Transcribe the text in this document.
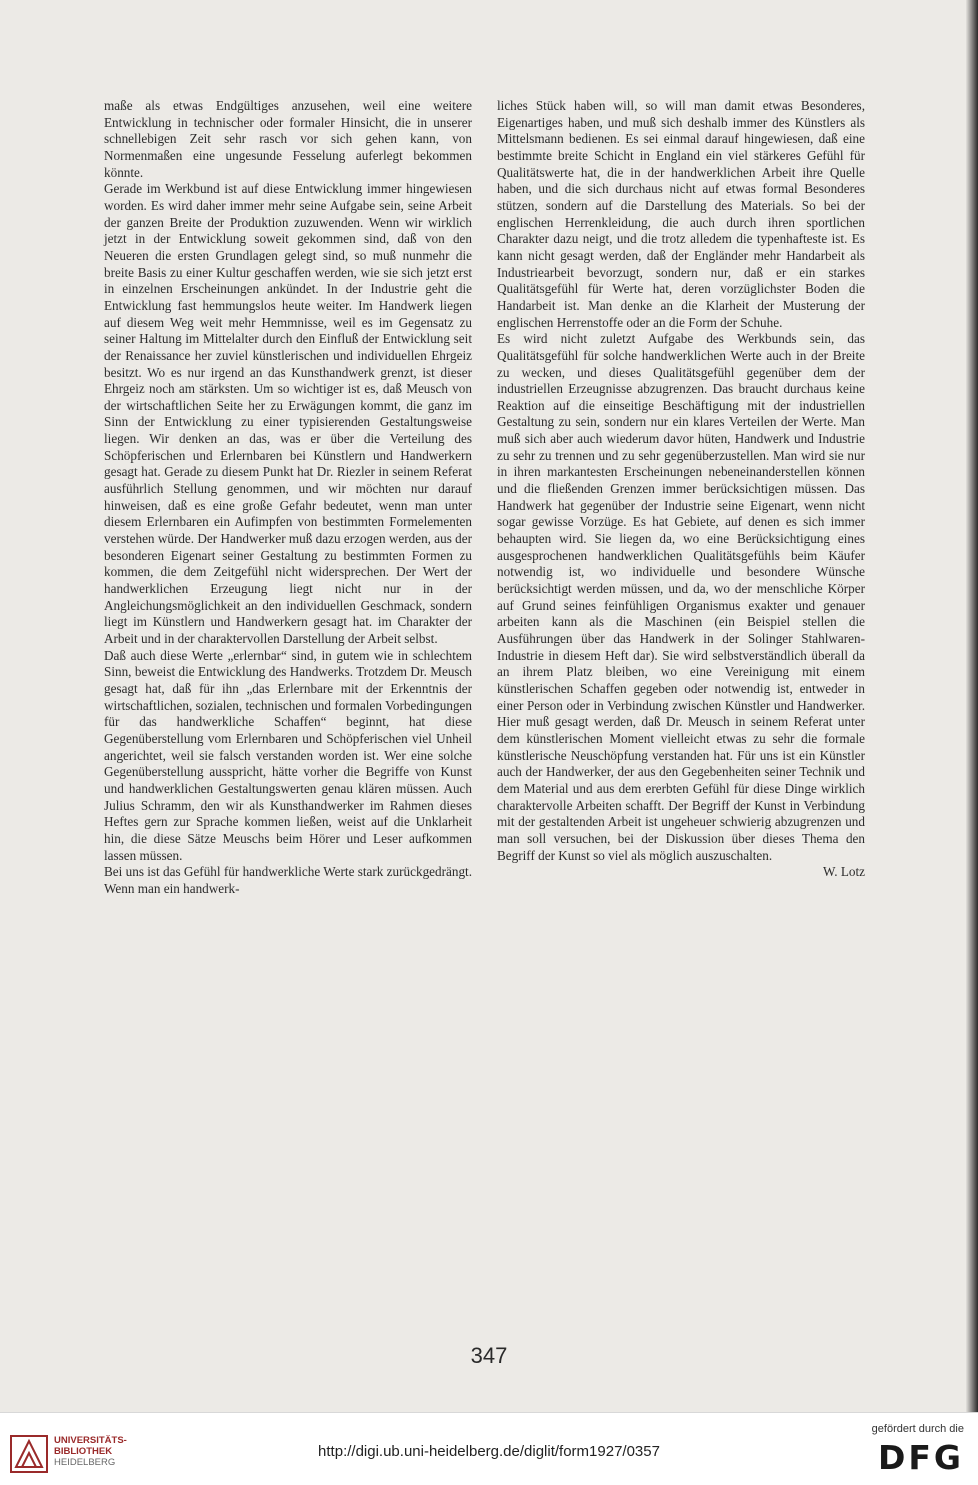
maße als etwas Endgültiges anzusehen, weil eine weitere Entwicklung in technischer oder formaler Hinsicht, die in unserer schnellebigen Zeit sehr rasch vor sich gehen kann, von Normenmaßen eine ungesunde Fesselung auferlegt bekommen könnte.

Gerade im Werkbund ist auf diese Entwicklung immer hingewiesen worden. Es wird daher immer mehr seine Aufgabe sein, seine Arbeit der ganzen Breite der Produktion zuzuwenden. Wenn wir wirklich jetzt in der Entwicklung soweit gekommen sind, daß von den Neueren die ersten Grundlagen gelegt sind, so muß nunmehr die breite Basis zu einer Kultur geschaffen werden, wie sie sich jetzt erst in einzelnen Erscheinungen ankündet. In der Industrie geht die Entwicklung fast hemmungslos heute weiter. Im Handwerk liegen auf diesem Weg weit mehr Hemmnisse, weil es im Gegensatz zu seiner Haltung im Mittelalter durch den Einfluß der Entwicklung seit der Renaissance her zuviel künstlerischen und individuellen Ehrgeiz besitzt. Wo es nur irgend an das Kunsthandwerk grenzt, ist dieser Ehrgeiz noch am stärksten. Um so wichtiger ist es, daß Meusch von der wirtschaftlichen Seite her zu Erwägungen kommt, die ganz im Sinn der Entwicklung zu einer typisierenden Gestaltungsweise liegen. Wir denken an das, was er über die Verteilung des Schöpferischen und Erlernbaren bei Künstlern und Handwerkern gesagt hat. Gerade zu diesem Punkt hat Dr. Riezler in seinem Referat ausführlich Stellung genommen, und wir möchten nur darauf hinweisen, daß es eine große Gefahr bedeutet, wenn man unter diesem Erlernbaren ein Aufimpfen von bestimmten Formelementen verstehen würde. Der Handwerker muß dazu erzogen werden, aus der besonderen Eigenart seiner Gestaltung zu bestimmten Formen zu kommen, die dem Zeitgefühl nicht widersprechen. Der Wert der handwerklichen Erzeugung liegt nicht nur in der Angleichungsmöglichkeit an den individuellen Geschmack, sondern liegt im Künstlern und Handwerkern gesagt hat. im Charakter der Arbeit und in der charaktervollen Darstellung der Arbeit selbst.

Daß auch diese Werte „erlernbar“ sind, in gutem wie in schlechtem Sinn, beweist die Entwicklung des Handwerks. Trotzdem Dr. Meusch gesagt hat, daß für ihn „das Erlernbare mit der Erkenntnis der wirtschaftlichen, sozialen, technischen und formalen Vorbedingungen für das handwerkliche Schaffen“ beginnt, hat diese Gegenüberstellung vom Erlernbaren und Schöpferischen viel Unheil angerichtet, weil sie falsch verstanden worden ist. Wer eine solche Gegenüberstellung ausspricht, hätte vorher die Begriffe von Kunst und handwerklichen Gestaltungswerten genau klären müssen. Auch Julius Schramm, den wir als Kunsthandwerker im Rahmen dieses Heftes gern zur Sprache kommen ließen, weist auf die Unklarheit hin, die diese Sätze Meuschs beim Hörer und Leser aufkommen lassen müssen.

Bei uns ist das Gefühl für handwerkliche Werte stark zurückgedrängt. Wenn man ein handwerk-

liches Stück haben will, so will man damit etwas Besonderes, Eigenartiges haben, und muß sich deshalb immer des Künstlers als Mittelsmann bedienen. Es sei einmal darauf hingewiesen, daß eine bestimmte breite Schicht in England ein viel stärkeres Gefühl für Qualitätswerte hat, die in der handwerklichen Arbeit ihre Quelle haben, und die sich durchaus nicht auf etwas formal Besonderes stützen, sondern auf die Darstellung des Materials. So bei der englischen Herrenkleidung, die auch durch ihren sportlichen Charakter dazu neigt, und die trotz alledem die typenhafteste ist. Es kann nicht gesagt werden, daß der Engländer mehr Handarbeit als Industriearbeit bevorzugt, sondern nur, daß er ein starkes Qualitätsgefühl für Werte hat, deren vorzüglichster Boden die Handarbeit ist. Man denke an die Klarheit der Musterung der englischen Herrenstoffe oder an die Form der Schuhe.

Es wird nicht zuletzt Aufgabe des Werkbunds sein, das Qualitätsgefühl für solche handwerklichen Werte auch in der Breite zu wecken, und dieses Qualitätsgefühl gegenüber dem der industriellen Erzeugnisse abzugrenzen. Das braucht durchaus keine Reaktion auf die einseitige Beschäftigung mit der industriellen Gestaltung zu sein, sondern nur ein klares Verteilen der Werte. Man muß sich aber auch wiederum davor hüten, Handwerk und Industrie zu sehr zu trennen und zu sehr gegenüberzustellen. Man wird sie nur in ihren markantesten Erscheinungen nebeneinanderstellen können und die fließenden Grenzen immer berücksichtigen müssen. Das Handwerk hat gegenüber der Industrie seine Eigenart, wenn nicht sogar gewisse Vorzüge. Es hat Gebiete, auf denen es sich immer behaupten wird. Sie liegen da, wo eine Berücksichtigung eines ausgesprochenen handwerklichen Qualitätsgefühls beim Käufer notwendig ist, wo individuelle und besondere Wünsche berücksichtigt werden müssen, und da, wo der menschliche Körper auf Grund seines feinfühligen Organismus exakter und genauer arbeiten kann als die Maschinen (ein Beispiel stellen die Ausführungen über das Handwerk in der Solinger Stahlwaren-Industrie in diesem Heft dar). Sie wird selbstverständlich überall da an ihrem Platz bleiben, wo eine Vereinigung mit einem künstlerischen Schaffen gegeben oder notwendig ist, entweder in einer Person oder in Verbindung zwischen Künstler und Handwerker. Hier muß gesagt werden, daß Dr. Meusch in seinem Referat unter dem künstlerischen Moment vielleicht etwas zu sehr die formale künstlerische Neuschöpfung verstanden hat. Für uns ist ein Künstler auch der Handwerker, der aus den Gegebenheiten seiner Technik und dem Material und aus dem ererbten Gefühl für diese Dinge wirklich charaktervolle Arbeiten schafft. Der Begriff der Kunst in Verbindung mit der gestaltenden Arbeit ist ungeheuer schwierig abzugrenzen und man soll versuchen, bei der Diskussion über dieses Thema den Begriff der Kunst so viel als möglich auszuschalten.

W. Lotz

347
UNIVERSITÄTS-
BIBLIOTHEK
HEIDELBERG
http://digi.ub.uni-heidelberg.de/diglit/form1927/0357
gefördert durch die
DFG
